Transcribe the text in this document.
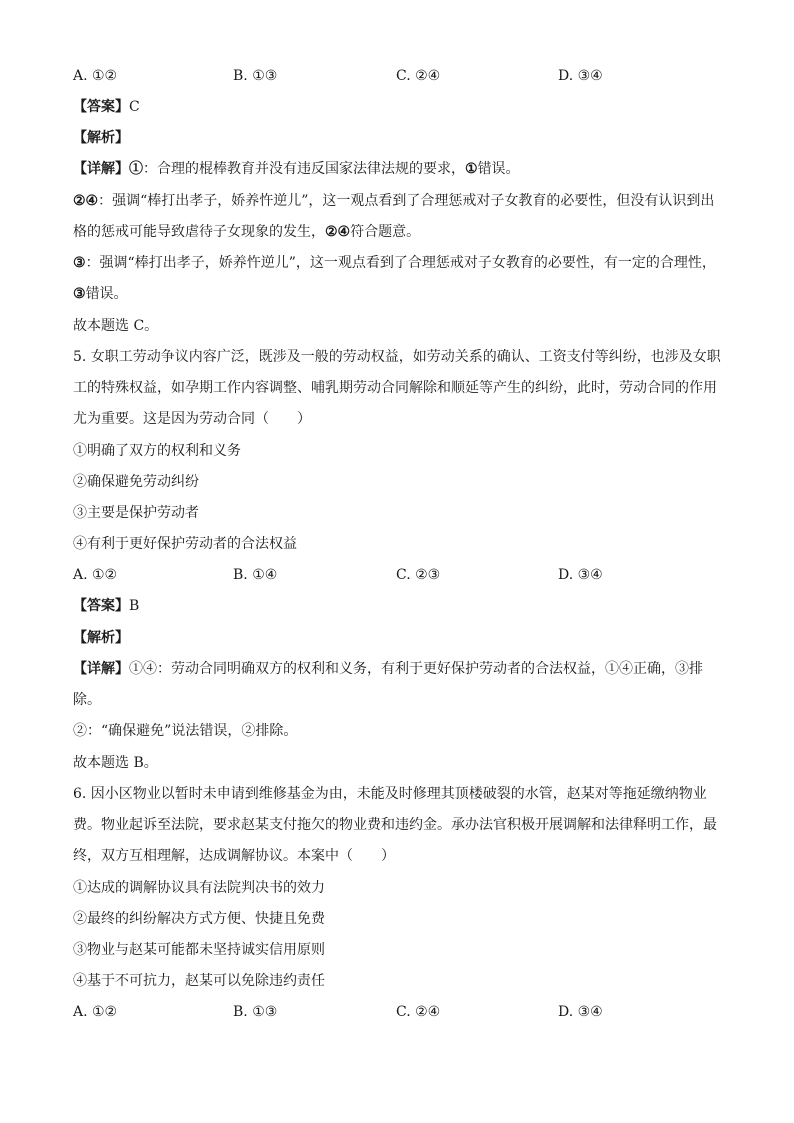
A. ①②	B. ①③	C. ②④	D. ③④
【答案】C
【解析】
【详解】①：合理的棍棒教育并没有违反国家法律法规的要求，①错误。
②④：强调“棒打出孝子，娇养忤逆儿”，这一观点看到了合理惩戒对子女教育的必要性，但没有认识到出
格的惩戒可能导致虐待子女现象的发生，②④符合题意。
③：强调“棒打出孝子，娇养忤逆儿”，这一观点看到了合理惩戒对子女教育的必要性，有一定的合理性，
③错误。
故本题选 C。
5. 女职工劳动争议内容广泛，既涉及一般的劳动权益，如劳动关系的确认、工资支付等纠纷，也涉及女职
工的特殊权益，如孕期工作内容调整、哺乳期劳动合同解除和顺延等产生的纠纷，此时，劳动合同的作用
尤为重要。这是因为劳动合同（　　）
①明确了双方的权利和义务
②确保避免劳动纠纷
③主要是保护劳动者
④有利于更好保护劳动者的合法权益
A. ①②	B. ①④	C. ②③	D. ③④
【答案】B
【解析】
【详解】①④：劳动合同明确双方的权利和义务，有利于更好保护劳动者的合法权益，①④正确，③排
除。
②：“确保避免”说法错误，②排除。
故本题选 B。
6. 因小区物业以暂时未申请到维修基金为由，未能及时修理其顶楼破裂的水管，赵某对等拖延缴纳物业
费。物业起诉至法院，要求赵某支付拖欠的物业费和违约金。承办法官积极开展调解和法律释明工作，最
终，双方互相理解，达成调解协议。本案中（　　）
①达成的调解协议具有法院判决书的效力
②最终的纠纷解决方式方便、快捷且免费
③物业与赵某可能都未坚持诚实信用原则
④基于不可抗力，赵某可以免除违约责任
A. ①②	B. ①③	C. ②④	D. ③④
